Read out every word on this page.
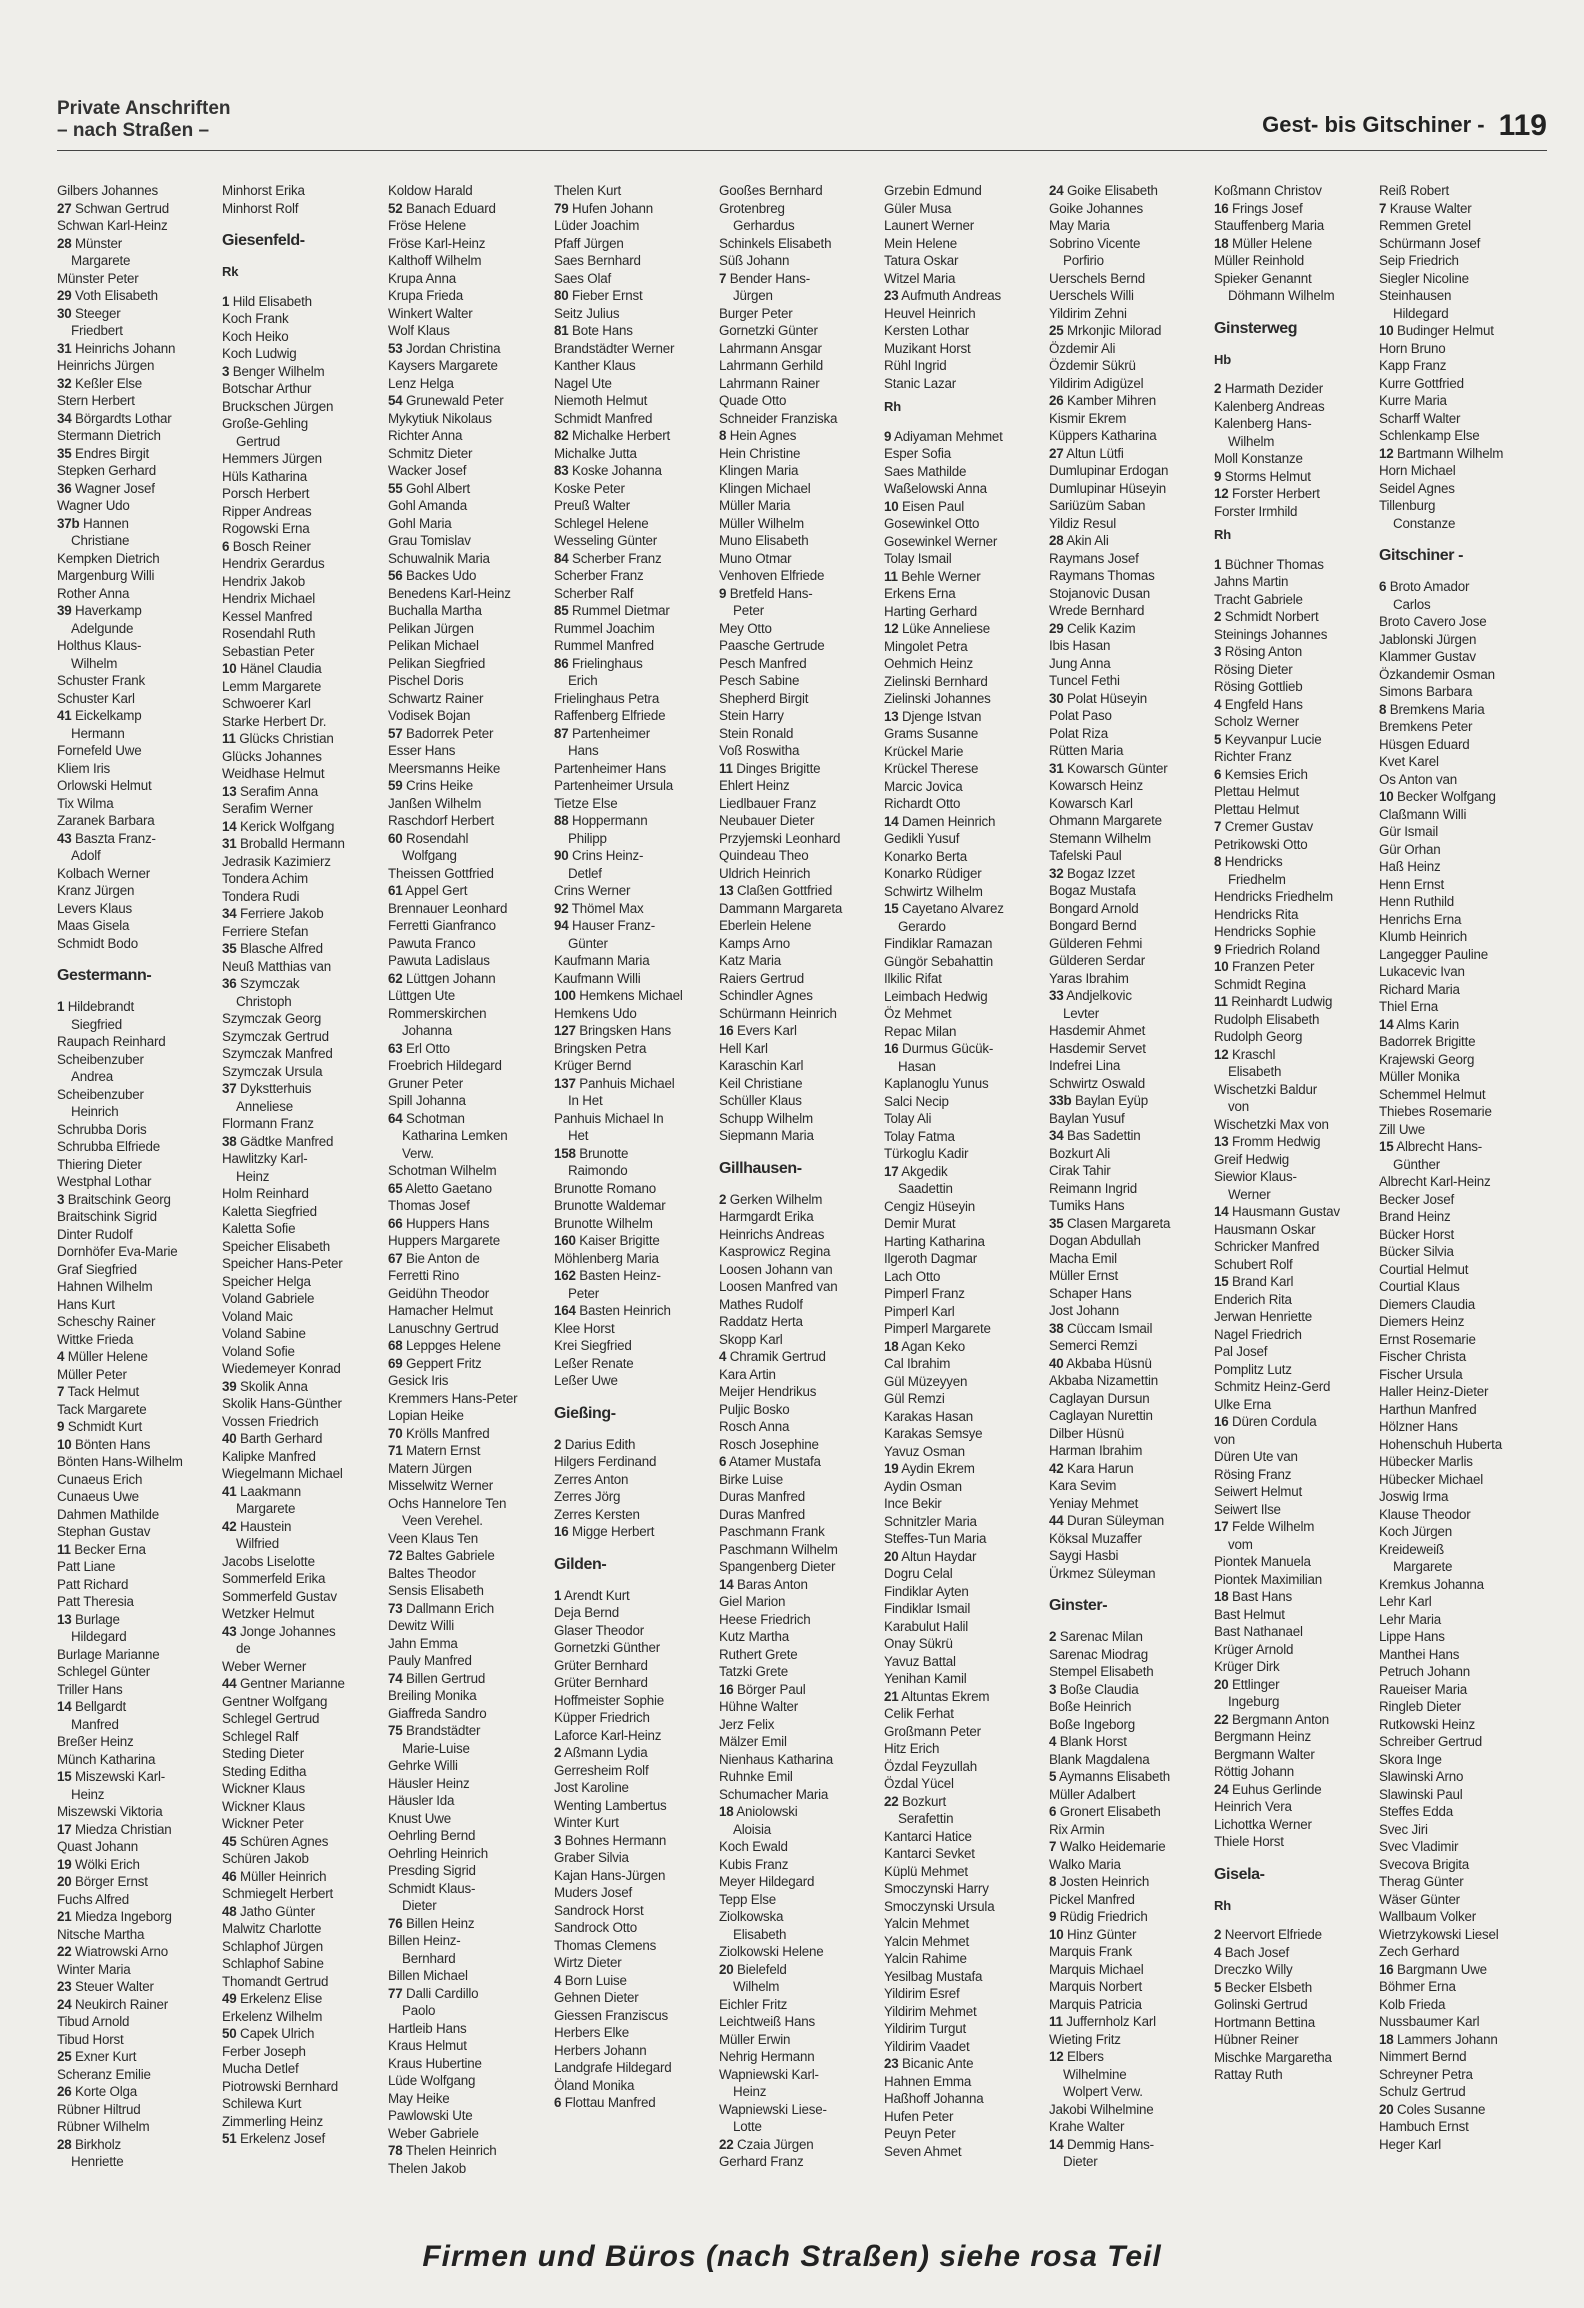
Private Anschriften
– nach Straßen –	Gest- bis Gitschiner - 119
Gilbers Johannes
27 Schwan Gertrud
Schwan Karl-Heinz
28 Münster
Margarete
Münster Peter
29 Voth Elisabeth
30 Steeger
Friedbert
31 Heinrichs Johann
Heinrichs Jürgen
32 Keßler Else
Stern Herbert
34 Börgardts Lothar
Stermann Dietrich
35 Endres Birgit
Stepken Gerhard
36 Wagner Josef
Wagner Udo
37b Hannen
Christiane
Kempken Dietrich
Margenburg Willi
Rother Anna
39 Haverkamp
Adelgunde
Holthus Klaus-
Wilhelm
Schuster Frank
Schuster Karl
41 Eickelkamp
Hermann
Fornefeld Uwe
Kliem Iris
Orlowski Helmut
Tix Wilma
Zaranek Barbara
43 Baszta Franz-
Adolf
Kolbach Werner
Kranz Jürgen
Levers Klaus
Maas Gisela
Schmidt Bodo
Gestermann-
1 Hildebrandt
Siegfried
Raupach Reinhard
Scheibenzuber
Andrea
Scheibenzuber
Heinrich
Schrubba Doris
Schrubba Elfriede
Thiering Dieter
Westphal Lothar
3 Braitschink Georg
Braitschink Sigrid
Dinter Rudolf
Dornhöfer Eva-Marie
Graf Siegfried
Hahnen Wilhelm
Hans Kurt
Scheschy Rainer
Wittke Frieda
4 Müller Helene
Müller Peter
7 Tack Helmut
Tack Margarete
9 Schmidt Kurt
10 Bönten Hans
Bönten Hans-Wilhelm
Cunaeus Erich
Cunaeus Uwe
Dahmen Mathilde
Stephan Gustav
11 Becker Erna
Patt Liane
Patt Richard
Patt Theresia
13 Burlage
Hildegard
Burlage Marianne
Schlegel Günter
Triller Hans
14 Bellgardt
Manfred
Breßer Heinz
Münch Katharina
15 Miszewski Karl-
Heinz
Miszewski Viktoria
17 Miedza Christian
Quast Johann
19 Wölki Erich
20 Börger Ernst
Fuchs Alfred
21 Miedza Ingeborg
Nitsche Martha
22 Wiatrowski Arno
Winter Maria
23 Steuer Walter
24 Neukirch Rainer
Tibud Arnold
Tibud Horst
25 Exner Kurt
Scheranz Emilie
26 Korte Olga
Rübner Hiltrud
Rübner Wilhelm
28 Birkholz
Henriette
Minhorst Erika
Minhorst Rolf
Giesenfeld-
Rk
1 Hild Elisabeth
Koch Frank
Koch Heiko
Koch Ludwig
3 Benger Wilhelm
Botschar Arthur
Bruckschen Jürgen
Große-Gehling
Gertrud
Hemmers Jürgen
Hüls Katharina
Porsch Herbert
Ripper Andreas
Rogowski Erna
6 Bosch Reiner
Hendrix Gerardus
Hendrix Jakob
Hendrix Michael
Kessel Manfred
Rosendahl Ruth
Sebastian Peter
10 Hänel Claudia
Lemm Margarete
Schwoerer Karl
Starke Herbert Dr.
11 Glücks Christian
Glücks Johannes
Weidhase Helmut
13 Serafim Anna
Serafim Werner
14 Kerick Wolfgang
31 Broballd Hermann
Jedrasik Kazimierz
Tondera Achim
Tondera Rudi
34 Ferriere Jakob
Ferriere Stefan
35 Blasche Alfred
Neuß Matthias van
36 Szymczak
Christoph
Szymczak Georg
Szymczak Gertrud
Szymczak Manfred
Szymczak Ursula
37 Dykstterhuis
Anneliese
Flormann Franz
38 Gädtke Manfred
Hawlitzky Karl-
Heinz
Holm Reinhard
Kaletta Siegfried
Kaletta Sofie
Speicher Elisabeth
Speicher Hans-Peter
Speicher Helga
Voland Gabriele
Voland Maic
Voland Sabine
Voland Sofie
Wiedemeyer Konrad
39 Skolik Anna
Skolik Hans-Günther
Vossen Friedrich
40 Barth Gerhard
Kalipke Manfred
Wiegelmann Michael
41 Laakmann
Margarete
42 Haustein
Wilfried
Jacobs Liselotte
Sommerfeld Erika
Sommerfeld Gustav
Wetzker Helmut
43 Jonge Johannes
de
Weber Werner
44 Gentner Marianne
Gentner Wolfgang
Schlegel Gertrud
Schlegel Ralf
Steding Dieter
Steding Editha
Wickner Klaus
Wickner Klaus
Wickner Peter
45 Schüren Agnes
Schüren Jakob
46 Müller Heinrich
Schmiegelt Herbert
48 Jatho Günter
Malwitz Charlotte
Schlaphof Jürgen
Schlaphof Sabine
Thomandt Gertrud
49 Erkelenz Elise
Erkelenz Wilhelm
50 Capek Ulrich
Ferber Joseph
Mucha Detlef
Piotrowski Bernhard
Schilewa Kurt
Zimmerling Heinz
51 Erkelenz Josef
Koldow Harald
52 Banach Eduard
Fröse Helene
Fröse Karl-Heinz
Kalthoff Wilhelm
Krupa Anna
Krupa Frieda
Winkert Walter
Wolf Klaus
53 Jordan Christina
Kaysers Margarete
Lenz Helga
54 Grunewald Peter
Mykytiuk Nikolaus
Richter Anna
Schmitz Dieter
Wacker Josef
55 Gohl Albert
Gohl Amanda
Gohl Maria
Grau Tomislav
Schuwalnik Maria
56 Backes Udo
Benedens Karl-Heinz
Buchalla Martha
Pelikan Jürgen
Pelikan Michael
Pelikan Siegfried
Pischel Doris
Schwartz Rainer
Vodisek Bojan
57 Badorrek Peter
Esser Hans
Meersmanns Heike
59 Crins Heike
Janßen Wilhelm
Raschdorf Herbert
60 Rosendahl
Wolfgang
Theissen Gottfried
61 Appel Gert
Brennauer Leonhard
Ferretti Gianfranco
Pawuta Franco
Pawuta Ladislaus
62 Lüttgen Johann
Lüttgen Ute
Rommerskirchen
Johanna
63 Erl Otto
Froebrich Hildegard
Gruner Peter
Spill Johanna
64 Schotman
Katharina Lemken
Verw.
Schotman Wilhelm
65 Aletto Gaetano
Thomas Josef
66 Huppers Hans
Huppers Margarete
67 Bie Anton de
Ferretti Rino
Geidühn Theodor
Hamacher Helmut
Lanuschny Gertrud
68 Leppges Helene
69 Geppert Fritz
Gesick Iris
Kremmers Hans-Peter
Lopian Heike
70 Krölls Manfred
71 Matern Ernst
Matern Jürgen
Misselwitz Werner
Ochs Hannelore Ten
Veen Verehel.
Veen Klaus Ten
72 Baltes Gabriele
Baltes Theodor
Sensis Elisabeth
73 Dallmann Erich
Dewitz Willi
Jahn Emma
Pauly Manfred
74 Billen Gertrud
Breiling Monika
Giaffreda Sandro
75 Brandstädter
Marie-Luise
Gehrke Willi
Häusler Heinz
Häusler Ida
Knust Uwe
Oehrling Bernd
Oehrling Heinrich
Presding Sigrid
Schmidt Klaus-
Dieter
76 Billen Heinz
Billen Heinz-
Bernhard
Billen Michael
77 Dalli Cardillo
Paolo
Hartleib Hans
Kraus Helmut
Kraus Hubertine
Lüde Wolfgang
May Heike
Pawlowski Ute
Weber Gabriele
78 Thelen Heinrich
Thelen Jakob
Thelen Kurt
79 Hufen Johann
Lüder Joachim
Pfaff Jürgen
Saes Bernhard
Saes Olaf
80 Fieber Ernst
Seitz Julius
81 Bote Hans
Brandstädter Werner
Kanther Klaus
Nagel Ute
Niemoth Helmut
Schmidt Manfred
82 Michalke Herbert
Michalke Jutta
83 Koske Johanna
Koske Peter
Preuß Walter
Schlegel Helene
Wesseling Günter
84 Scherber Franz
Scherber Franz
Scherber Ralf
85 Rummel Dietmar
Rummel Joachim
Rummel Manfred
86 Frielinghaus
Erich
Frielinghaus Petra
Raffenberg Elfriede
87 Partenheimer
Hans
Partenheimer Hans
Partenheimer Ursula
Tietze Else
88 Hoppermann
Philipp
90 Crins Heinz-
Detlef
Crins Werner
92 Thömel Max
94 Hauser Franz-
Günter
Kaufmann Maria
Kaufmann Willi
100 Hemkens Michael
Hemkens Udo
127 Bringsken Hans
Bringsken Petra
Krüger Bernd
137 Panhuis Michael
In Het
Panhuis Michael In
Het
158 Brunotte
Raimondo
Brunotte Romano
Brunotte Waldemar
Brunotte Wilhelm
160 Kaiser Brigitte
Möhlenberg Maria
162 Basten Heinz-
Peter
164 Basten Heinrich
Klee Horst
Krei Siegfried
Leßer Renate
Leßer Uwe
Gießing-
2 Darius Edith
Hilgers Ferdinand
Zerres Anton
Zerres Jörg
Zerres Kersten
16 Migge Herbert
Gilden-
1 Arendt Kurt
Deja Bernd
Glaser Theodor
Gornetzki Günther
Grüter Bernhard
Grüter Bernhard
Hoffmeister Sophie
Küpper Friedrich
Laforce Karl-Heinz
2 Aßmann Lydia
Gerresheim Rolf
Jost Karoline
Wenting Lambertus
Winter Kurt
3 Bohnes Hermann
Graber Silvia
Kajan Hans-Jürgen
Muders Josef
Sandrock Horst
Sandrock Otto
Thomas Clemens
Wirtz Dieter
4 Born Luise
Gehnen Dieter
Giessen Franziscus
Herbers Elke
Herbers Johann
Landgrafe Hildegard
Öland Monika
6 Flottau Manfred
Gooßes Bernhard
Grotenbreg
Gerhardus
Schinkels Elisabeth
Süß Johann
7 Bender Hans-
Jürgen
Burger Peter
Gornetzki Günter
Lahrmann Ansgar
Lahrmann Gerhild
Lahrmann Rainer
Quade Otto
Schneider Franziska
8 Hein Agnes
Hein Christine
Klingen Maria
Klingen Michael
Müller Maria
Müller Wilhelm
Muno Elisabeth
Muno Otmar
Venhoven Elfriede
9 Bretfeld Hans-
Peter
Mey Otto
Paasche Gertrude
Pesch Manfred
Pesch Sabine
Shepherd Birgit
Stein Harry
Stein Ronald
Voß Roswitha
11 Dinges Brigitte
Ehlert Heinz
Liedlbauer Franz
Neubauer Dieter
Przyjemski Leonhard
Quindeau Theo
Uldrich Heinrich
13 Claßen Gottfried
Dammann Margareta
Eberlein Helene
Kamps Arno
Katz Maria
Raiers Gertrud
Schindler Agnes
Schürmann Heinrich
16 Evers Karl
Hell Karl
Karaschin Karl
Keil Christiane
Schüller Klaus
Schupp Wilhelm
Siepmann Maria
Gillhausen-
2 Gerken Wilhelm
Harmgardt Erika
Heinrichs Andreas
Kasprowicz Regina
Loosen Johann van
Loosen Manfred van
Mathes Rudolf
Raddatz Herta
Skopp Karl
4 Chramik Gertrud
Kara Artin
Meijer Hendrikus
Puljic Bosko
Rosch Anna
Rosch Josephine
6 Atamer Mustafa
Birke Luise
Duras Manfred
Duras Manfred
Paschmann Frank
Paschmann Wilhelm
Spangenberg Dieter
14 Baras Anton
Giel Marion
Heese Friedrich
Kutz Martha
Ruthert Grete
Tatzki Grete
16 Börger Paul
Hühne Walter
Jerz Felix
Mälzer Emil
Nienhaus Katharina
Ruhnke Emil
Schumacher Maria
18 Aniolowski
Aloisia
Koch Ewald
Kubis Franz
Meyer Hildegard
Tepp Else
Ziolkowska
Elisabeth
Ziolkowski Helene
20 Bielefeld
Wilhelm
Eichler Fritz
Leichtweiß Hans
Müller Erwin
Nehrig Hermann
Wapniewski Karl-
Heinz
Wapniewski Liese-
Lotte
22 Czaia Jürgen
Gerhard Franz
Grzebin Edmund
Güler Musa
Launert Werner
Mein Helene
Tatura Oskar
Witzel Maria
23 Aufmuth Andreas
Heuvel Heinrich
Kersten Lothar
Muzikant Horst
Rühl Ingrid
Stanic Lazar
Rh
9 Adiyaman Mehmet
Esper Sofia
Saes Mathilde
Waßelowski Anna
10 Eisen Paul
Gosewinkel Otto
Gosewinkel Werner
Tolay Ismail
11 Behle Werner
Erkens Erna
Harting Gerhard
12 Lüke Anneliese
Mingolet Petra
Oehmich Heinz
Zielinski Bernhard
Zielinski Johannes
13 Djenge Istvan
Grams Susanne
Krückel Marie
Krückel Therese
Marcic Jovica
Richardt Otto
14 Damen Heinrich
Gedikli Yusuf
Konarko Berta
Konarko Rüdiger
Schwirtz Wilhelm
15 Cayetano Alvarez
Gerardo
Findiklar Ramazan
Güngör Sebahattin
Ilkilic Rifat
Leimbach Hedwig
Öz Mehmet
Repac Milan
16 Durmus Gücük-
Hasan
Kaplanoglu Yunus
Salci Necip
Tolay Ali
Tolay Fatma
Türkoglu Kadir
17 Akgedik
Saadettin
Cengiz Hüseyin
Demir Murat
Harting Katharina
Ilgeroth Dagmar
Lach Otto
Pimperl Franz
Pimperl Karl
Pimperl Margarete
18 Agan Keko
Cal Ibrahim
Gül Müzeyyen
Gül Remzi
Karakas Hasan
Karakas Semsye
Yavuz Osman
19 Aydin Ekrem
Aydin Osman
Ince Bekir
Schnitzler Maria
Steffes-Tun Maria
20 Altun Haydar
Dogru Celal
Findiklar Ayten
Findiklar Ismail
Karabulut Halil
Onay Sükrü
Yavuz Battal
Yenihan Kamil
21 Altuntas Ekrem
Celik Ferhat
Großmann Peter
Hitz Erich
Özdal Feyzullah
Özdal Yücel
22 Bozkurt
Serafettin
Kantarci Hatice
Kantarci Sevket
Küplü Mehmet
Smoczynski Harry
Smoczynski Ursula
Yalcin Mehmet
Yalcin Mehmet
Yalcin Rahime
Yesilbag Mustafa
Yildirim Esref
Yildirim Mehmet
Yildirim Turgut
Yildirim Vaadet
23 Bicanic Ante
Hahnen Emma
Haßhoff Johanna
Hufen Peter
Peuyn Peter
Seven Ahmet
24 Goike Elisabeth
Goike Johannes
May Maria
Sobrino Vicente
Porfirio
Uerschels Bernd
Uerschels Willi
Yildirim Zehni
25 Mrkonjic Milorad
Özdemir Ali
Özdemir Sükrü
Yildirim Adigüzel
26 Kamber Mihren
Kismir Ekrem
Küppers Katharina
27 Altun Lütfi
Dumlupinar Erdogan
Dumlupinar Hüseyin
Sariüzüm Saban
Yildiz Resul
28 Akin Ali
Raymans Josef
Raymans Thomas
Stojanovic Dusan
Wrede Bernhard
29 Celik Kazim
Ibis Hasan
Jung Anna
Tuncel Fethi
30 Polat Hüseyin
Polat Paso
Polat Riza
Rütten Maria
31 Kowarsch Günter
Kowarsch Heinz
Kowarsch Karl
Ohmann Margarete
Stemann Wilhelm
Tafelski Paul
32 Bogaz Izzet
Bogaz Mustafa
Bongard Arnold
Bongard Bernd
Gülderen Fehmi
Gülderen Serdar
Yaras Ibrahim
33 Andjelkovic
Levter
Hasdemir Ahmet
Hasdemir Servet
Indefrei Lina
Schwirtz Oswald
33b Baylan Eyüp
Baylan Yusuf
34 Bas Sadettin
Bozkurt Ali
Cirak Tahir
Reimann Ingrid
Tumiks Hans
35 Clasen Margareta
Dogan Abdullah
Macha Emil
Müller Ernst
Schaper Hans
Jost Johann
38 Cüccam Ismail
Semerci Remzi
40 Akbaba Hüsnü
Akbaba Nizamettin
Caglayan Dursun
Caglayan Nurettin
Dilber Hüsnü
Harman Ibrahim
42 Kara Harun
Kara Sevim
Yeniay Mehmet
44 Duran Süleyman
Köksal Muzaffer
Saygi Hasbi
Ürkmez Süleyman
Ginster-
2 Sarenac Milan
Sarenac Miodrag
Stempel Elisabeth
3 Boße Claudia
Boße Heinrich
Boße Ingeborg
4 Blank Horst
Blank Magdalena
5 Aymanns Elisabeth
Müller Adalbert
6 Gronert Elisabeth
Rix Armin
7 Walko Heidemarie
Walko Maria
8 Josten Heinrich
Pickel Manfred
9 Rüdig Friedrich
10 Hinz Günter
Marquis Frank
Marquis Michael
Marquis Norbert
Marquis Patricia
11 Juffernholz Karl
Wieting Fritz
12 Elbers
Wilhelmine
Wolpert Verw.
Jakobi Wilhelmine
Krahe Walter
14 Demmig Hans-
Dieter
Koßmann Christov
16 Frings Josef
Stauffenberg Maria
18 Müller Helene
Müller Reinhold
Spieker Genannt
Döhmann Wilhelm
Ginsterweg
Hb
2 Harmath Dezider
Kalenberg Andreas
Kalenberg Hans-
Wilhelm
Moll Konstanze
9 Storms Helmut
12 Forster Herbert
Forster Irmhild
Rh
1 Büchner Thomas
Jahns Martin
Tracht Gabriele
2 Schmidt Norbert
Steinings Johannes
3 Rösing Anton
Rösing Dieter
Rösing Gottlieb
4 Engfeld Hans
Scholz Werner
5 Keyvanpur Lucie
Richter Franz
6 Kemsies Erich
Plettau Helmut
Plettau Helmut
7 Cremer Gustav
Petrikowski Otto
8 Hendricks
Friedhelm
Hendricks Friedhelm
Hendricks Rita
Hendricks Sophie
9 Friedrich Roland
10 Franzen Peter
Schmidt Regina
11 Reinhardt Ludwig
Rudolph Elisabeth
Rudolph Georg
12 Kraschl
Elisabeth
Wischetzki Baldur
von
Wischetzki Max von
13 Fromm Hedwig
Greif Hedwig
Siewior Klaus-
Werner
14 Hausmann Gustav
Hausmann Oskar
Schricker Manfred
Schubert Rolf
15 Brand Karl
Enderich Rita
Jerwan Henriette
Nagel Friedrich
Pal Josef
Pomplitz Lutz
Schmitz Heinz-Gerd
Ulke Erna
16 Düren Cordula
von
Düren Ute van
Rösing Franz
Seiwert Helmut
Seiwert Ilse
17 Felde Wilhelm
vom
Piontek Manuela
Piontek Maximilian
18 Bast Hans
Bast Helmut
Bast Nathanael
Krüger Arnold
Krüger Dirk
20 Ettlinger
Ingeburg
22 Bergmann Anton
Bergmann Heinz
Bergmann Walter
Röttig Johann
24 Euhus Gerlinde
Heinrich Vera
Lichottka Werner
Thiele Horst
Gisela-
Rh
2 Neervort Elfriede
4 Bach Josef
Dreczko Willy
5 Becker Elsbeth
Golinski Gertrud
Hortmann Bettina
Hübner Reiner
Mischke Margaretha
Rattay Ruth
Reiß Robert
7 Krause Walter
Remmen Gretel
Schürmann Josef
Seip Friedrich
Siegler Nicoline
Steinhausen
Hildegard
10 Budinger Helmut
Horn Bruno
Kapp Franz
Kurre Gottfried
Kurre Maria
Scharff Walter
Schlenkamp Else
12 Bartmann Wilhelm
Horn Michael
Seidel Agnes
Tillenburg
Constanze
Gitschiner -
6 Broto Amador
Carlos
Broto Cavero Jose
Jablonski Jürgen
Klammer Gustav
Özkandemir Osman
Simons Barbara
8 Bremkens Maria
Bremkens Peter
Hüsgen Eduard
Kvet Karel
Os Anton van
10 Becker Wolfgang
Claßmann Willi
Gür Ismail
Gür Orhan
Haß Heinz
Henn Ernst
Henn Ruthild
Henrichs Erna
Klumb Heinrich
Langegger Pauline
Lukacevic Ivan
Richard Maria
Thiel Erna
14 Alms Karin
Badorrek Brigitte
Krajewski Georg
Müller Monika
Schemmel Helmut
Thiebes Rosemarie
Zill Uwe
15 Albrecht Hans-
Günther
Albrecht Karl-Heinz
Becker Josef
Brand Heinz
Bücker Horst
Bücker Silvia
Courtial Helmut
Courtial Klaus
Diemers Claudia
Diemers Heinz
Ernst Rosemarie
Fischer Christa
Fischer Ursula
Haller Heinz-Dieter
Harthun Manfred
Hölzner Hans
Hohenschuh Huberta
Hübecker Marlis
Hübecker Michael
Joswig Irma
Klause Theodor
Koch Jürgen
Kreideweiß
Margarete
Kremkus Johanna
Lehr Karl
Lehr Maria
Lippe Hans
Manthei Hans
Petruch Johann
Raueiser Maria
Ringleb Dieter
Rutkowski Heinz
Schreiber Gertrud
Skora Inge
Slawinski Arno
Slawinski Paul
Steffes Edda
Svec Jiri
Svec Vladimir
Svecova Brigita
Therag Günter
Wäser Günter
Wallbaum Volker
Wietrzykowski Liesel
Zech Gerhard
16 Bargmann Uwe
Böhmer Erna
Kolb Frieda
Nussbaumer Karl
18 Lammers Johann
Nimmert Bernd
Schreyner Petra
Schulz Gertrud
20 Coles Susanne
Hambuch Ernst
Heger Karl
Firmen und Büros (nach Straßen) siehe rosa Teil
